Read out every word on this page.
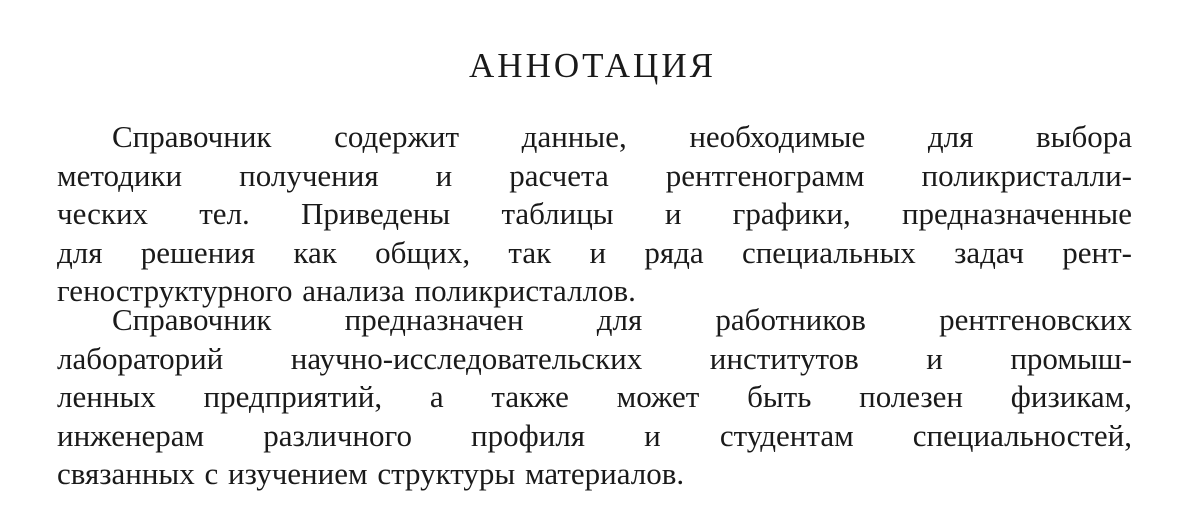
АННОТАЦИЯ
Справочник содержит данные, необходимые для выбора
методики получения и расчета рентгенограмм поликристалли-
ческих тел. Приведены таблицы и графики, предназначенные
для решения как общих, так и ряда специальных задач рент-
геноструктурного анализа поликристаллов.
Справочник предназначен для работников рентгеновских
лабораторий научно-исследовательских институтов и промыш-
ленных предприятий, а также может быть полезен физикам,
инженерам различного профиля и студентам специальностей,
связанных с изучением структуры материалов.
